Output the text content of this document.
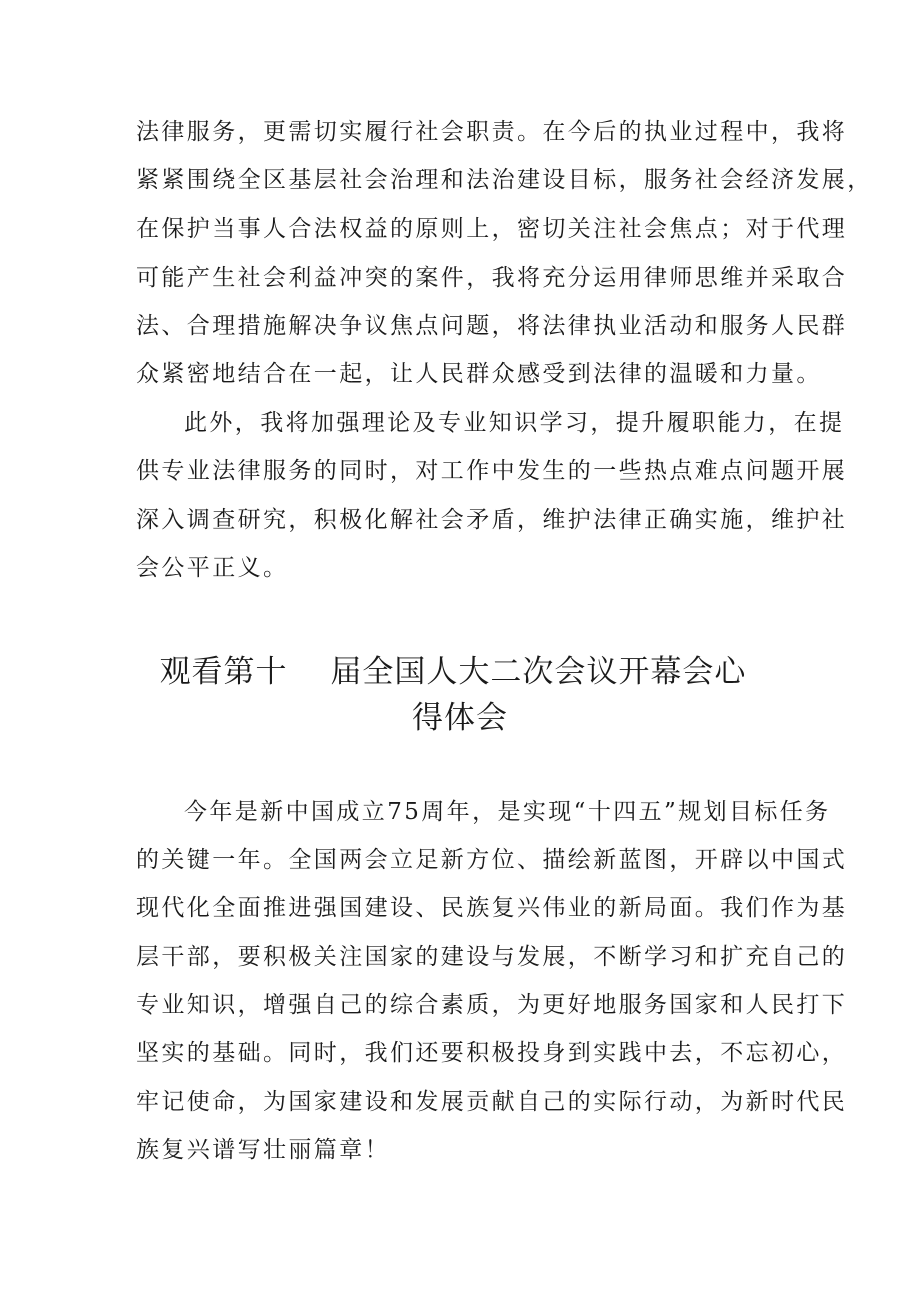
法律服务，更需切实履行社会职责。在今后的执业过程中，我将
紧紧围绕全区基层社会治理和法治建设目标，服务社会经济发展，
在保护当事人合法权益的原则上，密切关注社会焦点；对于代理
可能产生社会利益冲突的案件，我将充分运用律师思维并采取合
法、合理措施解决争议焦点问题，将法律执业活动和服务人民群
众紧密地结合在一起，让人民群众感受到法律的温暖和力量。
此外，我将加强理论及专业知识学习，提升履职能力，在提
供专业法律服务的同时，对工作中发生的一些热点难点问题开展
深入调查研究，积极化解社会矛盾，维护法律正确实施，维护社
会公平正义。
观看第十　 届全国人大二次会议开幕会心
得体会
今年是新中国成立75周年，是实现“十四五”规划目标任务
的关键一年。全国两会立足新方位、描绘新蓝图，开辟以中国式
现代化全面推进强国建设、民族复兴伟业的新局面。我们作为基
层干部，要积极关注国家的建设与发展，不断学习和扩充自己的
专业知识，增强自己的综合素质，为更好地服务国家和人民打下
坚实的基础。同时，我们还要积极投身到实践中去，不忘初心，
牢记使命，为国家建设和发展贡献自己的实际行动，为新时代民
族复兴谱写壮丽篇章！
